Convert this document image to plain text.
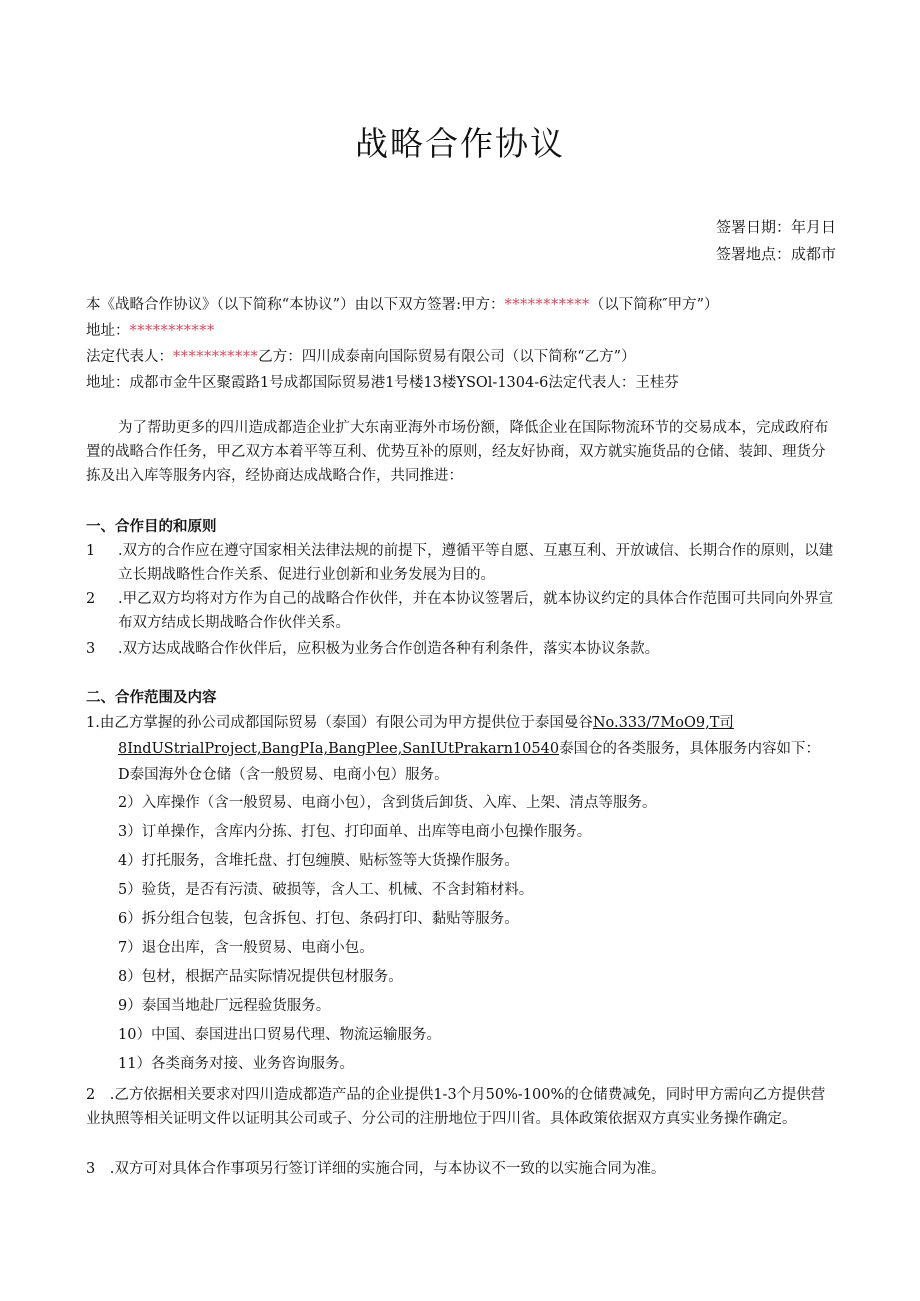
战略合作协议
签署日期：年月日
签署地点：成都市
本《战略合作协议》（以下简称“本协议”）由以下双方签署:甲方：***********（以下简称″甲方”）
地址：***********
法定代表人：***********乙方：四川成泰南向国际贸易有限公司（以下简称“乙方”）
地址：成都市金牛区聚霞路1号成都国际贸易港1号楼13楼YSOl-1304-6法定代表人：王桂芬
为了帮助更多的四川造成都造企业扩大东南亚海外市场份额，降低企业在国际物流环节的交易成本，完成政府布置的战略合作任务，甲乙双方本着平等互利、优势互补的原则，经友好协商，双方就实施货品的仓储、装卸、理货分拣及出入库等服务内容，经协商达成战略合作，共同推进：
一、合作目的和原则
1	.双方的合作应在遵守国家相关法律法规的前提下，遵循平等自愿、互惠互利、开放诚信、长期合作的原则，以建立长期战略性合作关系、促进行业创新和业务发展为目的。
2	.甲乙双方均将对方作为自己的战略合作伙伴，并在本协议签署后，就本协议约定的具体合作范围可共同向外界宣布双方结成长期战略合作伙伴关系。
3	.双方达成战略合作伙伴后，应积极为业务合作创造各种有利条件，落实本协议条款。
二、合作范围及内容
1.由乙方掌握的孙公司成都国际贸易（泰国）有限公司为甲方提供位于泰国曼谷No.333/7MoO9,T司
8IndUStrialProject,BangPIa,BangPlee,SanIUtPrakarn10540泰国仓的各类服务，具体服务内容如下：
D泰国海外仓仓储（含一般贸易、电商小包）服务。
2）入库操作（含一般贸易、电商小包），含到货后卸货、入库、上架、清点等服务。
3）订单操作，含库内分拣、打包、打印面单、出库等电商小包操作服务。
4）打托服务，含堆托盘、打包缠膜、贴标签等大货操作服务。
5）验货，是否有污渍、破损等，含人工、机械、不含封箱材料。
6）拆分组合包装，包含拆包、打包、条码打印、黏贴等服务。
7）退仓出库，含一般贸易、电商小包。
8）包材，根据产品实际情况提供包材服务。
9）泰国当地赴厂远程验货服务。
10）中国、泰国进出口贸易代理、物流运输服务。
11）各类商务对接、业务咨询服务。
2　.乙方依据相关要求对四川造成都造产品的企业提供1-3个月50%-100%的仓储费减免，同时甲方需向乙方提供营业执照等相关证明文件以证明其公司或子、分公司的注册地位于四川省。具体政策依据双方真实业务操作确定。
3　.双方可对具体合作事项另行签订详细的实施合同，与本协议不一致的以实施合同为准。
